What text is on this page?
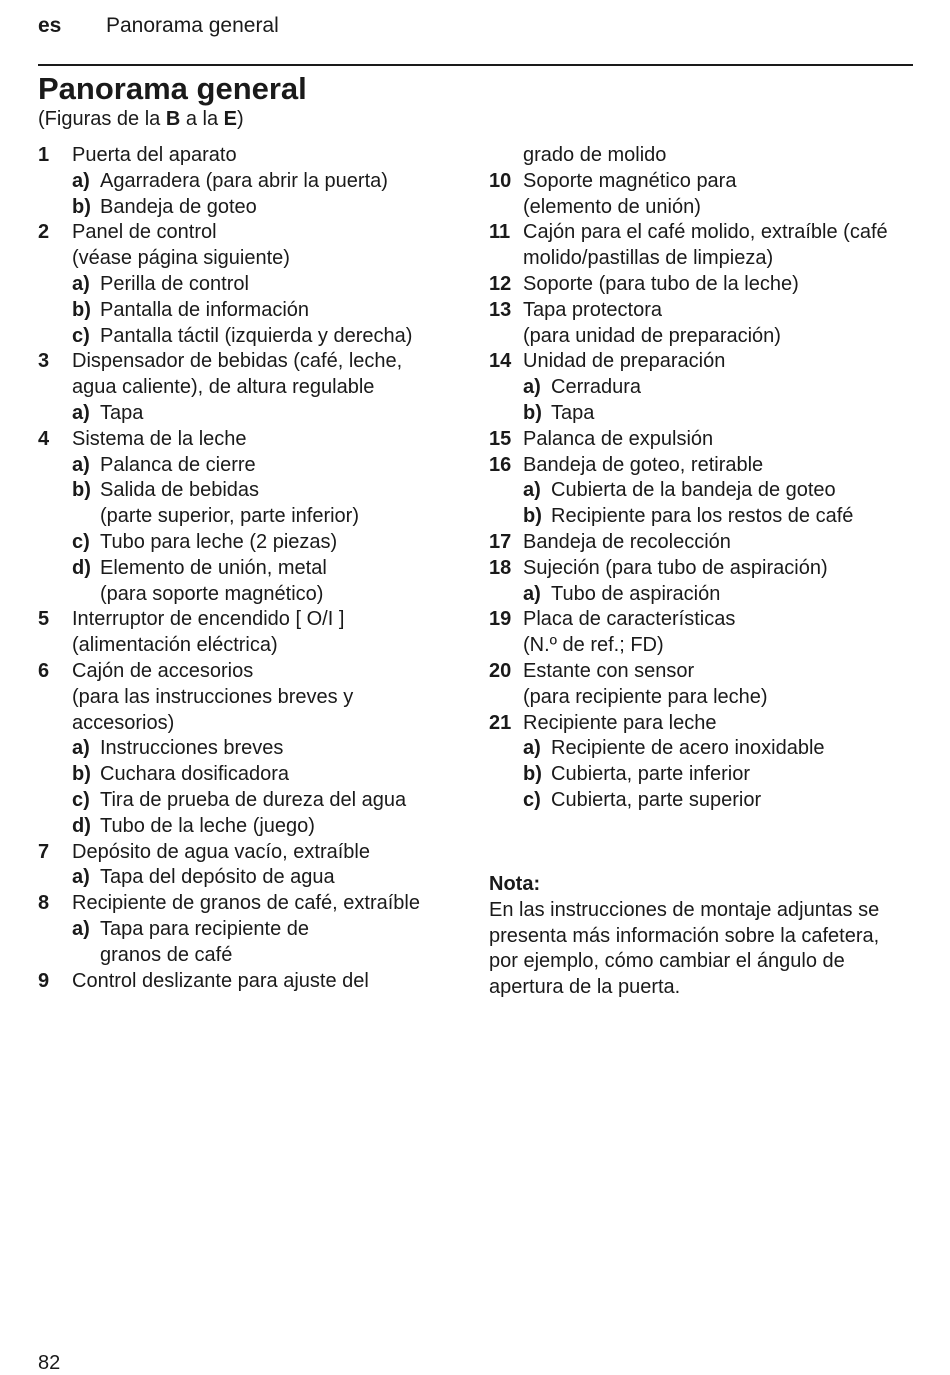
es Panorama general
Panorama general
(Figuras de la B a la E)
1 Puerta del aparato
a) Agarradera (para abrir la puerta)
b) Bandeja de goteo
2 Panel de control
(véase página siguiente)
a) Perilla de control
b) Pantalla de información
c) Pantalla táctil (izquierda y derecha)
3 Dispensador de bebidas (café, leche,
agua caliente), de altura regulable
a) Tapa
4 Sistema de la leche
a) Palanca de cierre
b) Salida de bebidas
(parte superior, parte inferior)
c) Tubo para leche (2 piezas)
d) Elemento de unión, metal
(para soporte magnético)
5 Interruptor de encendido [ O/I ]
(alimentación eléctrica)
6 Cajón de accesorios
(para las instrucciones breves y
accesorios)
a) Instrucciones breves
b) Cuchara dosificadora
c) Tira de prueba de dureza del agua
d) Tubo de la leche (juego)
7 Depósito de agua vacío, extraíble
a) Tapa del depósito de agua
8 Recipiente de granos de café, extraíble
a) Tapa para recipiente de
granos de café
9 Control deslizante para ajuste del
grado de molido
10 Soporte magnético para
(elemento de unión)
11 Cajón para el café molido, extraíble (café
molido/pastillas de limpieza)
12 Soporte (para tubo de la leche)
13 Tapa protectora
(para unidad de preparación)
14 Unidad de preparación
a) Cerradura
b) Tapa
15 Palanca de expulsión
16 Bandeja de goteo, retirable
a) Cubierta de la bandeja de goteo
b) Recipiente para los restos de café
17 Bandeja de recolección
18 Sujeción (para tubo de aspiración)
a) Tubo de aspiración
19 Placa de características
(N.º de ref.; FD)
20 Estante con sensor
(para recipiente para leche)
21 Recipiente para leche
a) Recipiente de acero inoxidable
b) Cubierta, parte inferior
c) Cubierta, parte superior
Nota:
En las instrucciones de montaje adjuntas se
presenta más información sobre la cafetera,
por ejemplo, cómo cambiar el ángulo de
apertura de la puerta.
82
